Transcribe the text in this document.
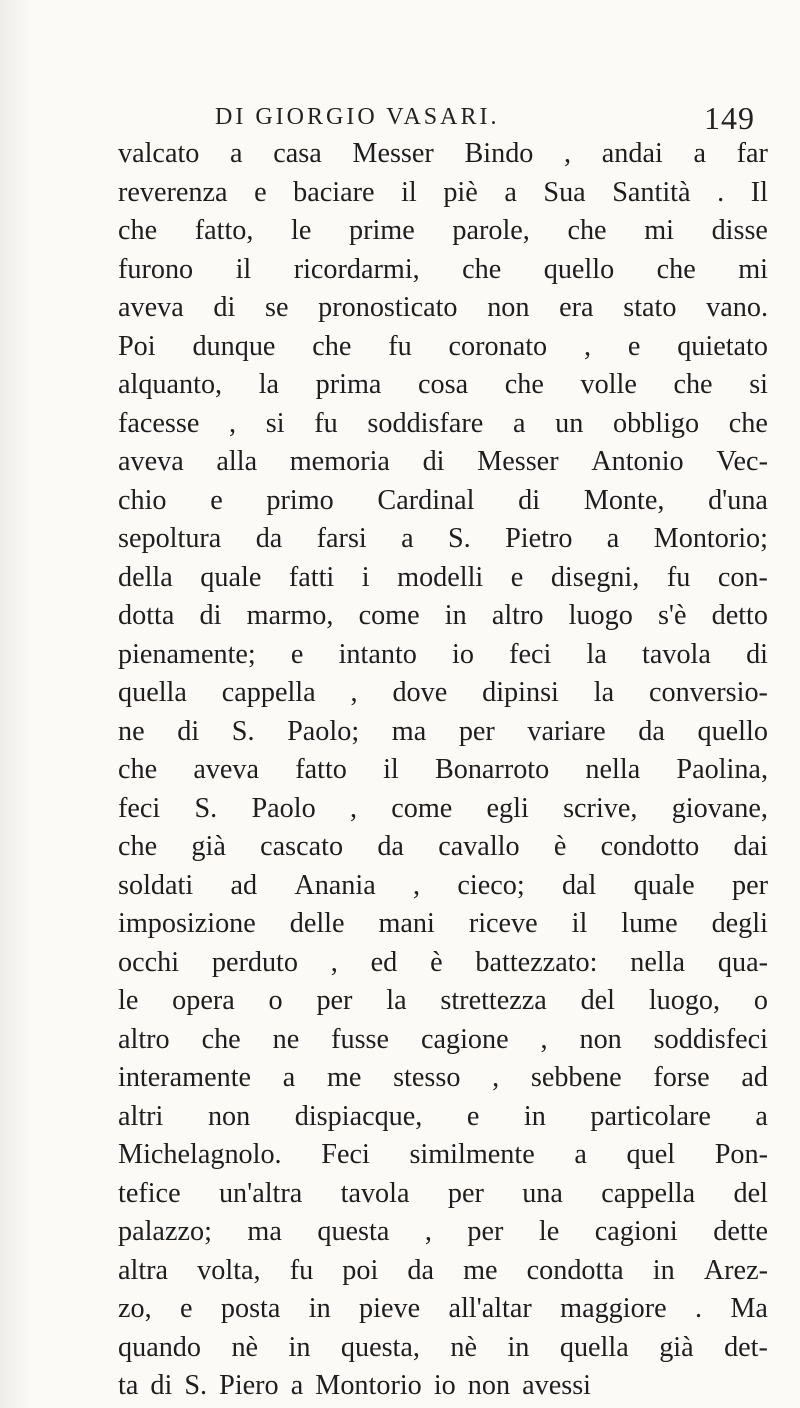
DI GIORGIO VASARI.	149
valcato a casa Messer Bindo , andai a far
reverenza e baciare il piè a Sua Santità . Il
che fatto, le prime parole, che mi disse
furono il ricordarmi, che quello che mi
aveva di se pronosticato non era stato vano.
Poi dunque che fu coronato , e quietato
alquanto, la prima cosa che volle che si
facesse , si fu soddisfare a un obbligo che
aveva alla memoria di Messer Antonio Vec-
chio e primo Cardinal di Monte, d'una
sepoltura da farsi a S. Pietro a Montorio;
della quale fatti i modelli e disegni, fu con-
dotta di marmo, come in altro luogo s'è detto
pienamente; e intanto io feci la tavola di
quella cappella , dove dipinsi la conversio-
ne di S. Paolo; ma per variare da quello
che aveva fatto il Bonarroto nella Paolina,
feci S. Paolo , come egli scrive, giovane,
che già cascato da cavallo è condotto dai
soldati ad Anania , cieco; dal quale per
imposizione delle mani riceve il lume degli
occhi perduto , ed è battezzato: nella qua-
le opera o per la strettezza del luogo, o
altro che ne fusse cagione , non soddisfeci
interamente a me stesso , sebbene forse ad
altri non dispiacque, e in particolare a
Michelagnolo. Feci similmente a quel Pon-
tefice un'altra tavola per una cappella del
palazzo; ma questa , per le cagioni dette
altra volta, fu poi da me condotta in Arez-
zo, e posta in pieve all'altar maggiore . Ma
quando nè in questa, nè in quella già det-
ta
di
S.
Piero
a
Montorio
io
non
avessi
